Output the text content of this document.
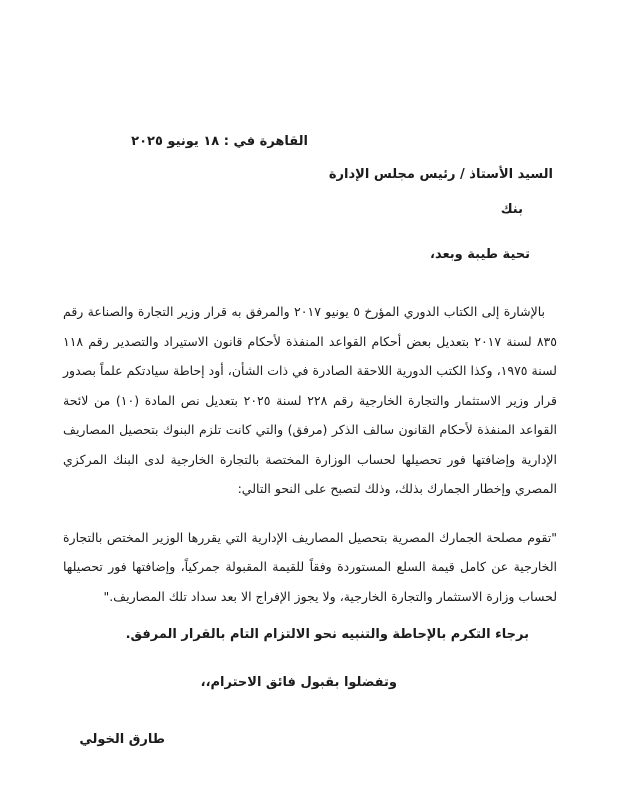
القاهرة في : ١٨ يونيو ٢٠٢٥
السيد الأستاذ / رئيس مجلس الإدارة
بنك
تحية طيبة وبعد،

بالإشارة إلى الكتاب الدوري المؤرخ ٥ يونيو ٢٠١٧ والمرفق به قرار وزير التجارة والصناعة رقم ٨٣٥ لسنة ٢٠١٧ بتعديل بعض أحكام القواعد المنفذة لأحكام قانون الاستيراد والتصدير رقم ١١٨ لسنة ١٩٧٥، وكذا الكتب الدورية اللاحقة الصادرة في ذات الشأن، أود إحاطة سيادتكم علماً بصدور قرار وزير الاستثمار والتجارة الخارجية رقم ٢٢٨ لسنة ٢٠٢٥ بتعديل نص المادة (١٠) من لائحة القواعد المنفذة لأحكام القانون سالف الذكر (مرفق) والتي كانت تلزم البنوك بتحصيل المصاريف الإدارية وإضافتها فور تحصيلها لحساب الوزارة المختصة بالتجارة الخارجية لدى البنك المركزي المصري وإخطار الجمارك بذلك، وذلك لتصبح على النحو التالي:

"تقوم مصلحة الجمارك المصرية بتحصيل المصاريف الإدارية التي يقررها الوزير المختص بالتجارة الخارجية عن كامل قيمة السلع المستوردة وفقاً للقيمة المقبولة جمركياً، وإضافتها فور تحصيلها لحساب وزارة الاستثمار والتجارة الخارجية، ولا يجوز الإفراج الا بعد سداد تلك المصاريف."

برجاء التكرم بالإحاطة والتنبيه نحو الالتزام التام بالقرار المرفق.
وتفضلوا بقبول فائق الاحترام،،
طارق الخولي
